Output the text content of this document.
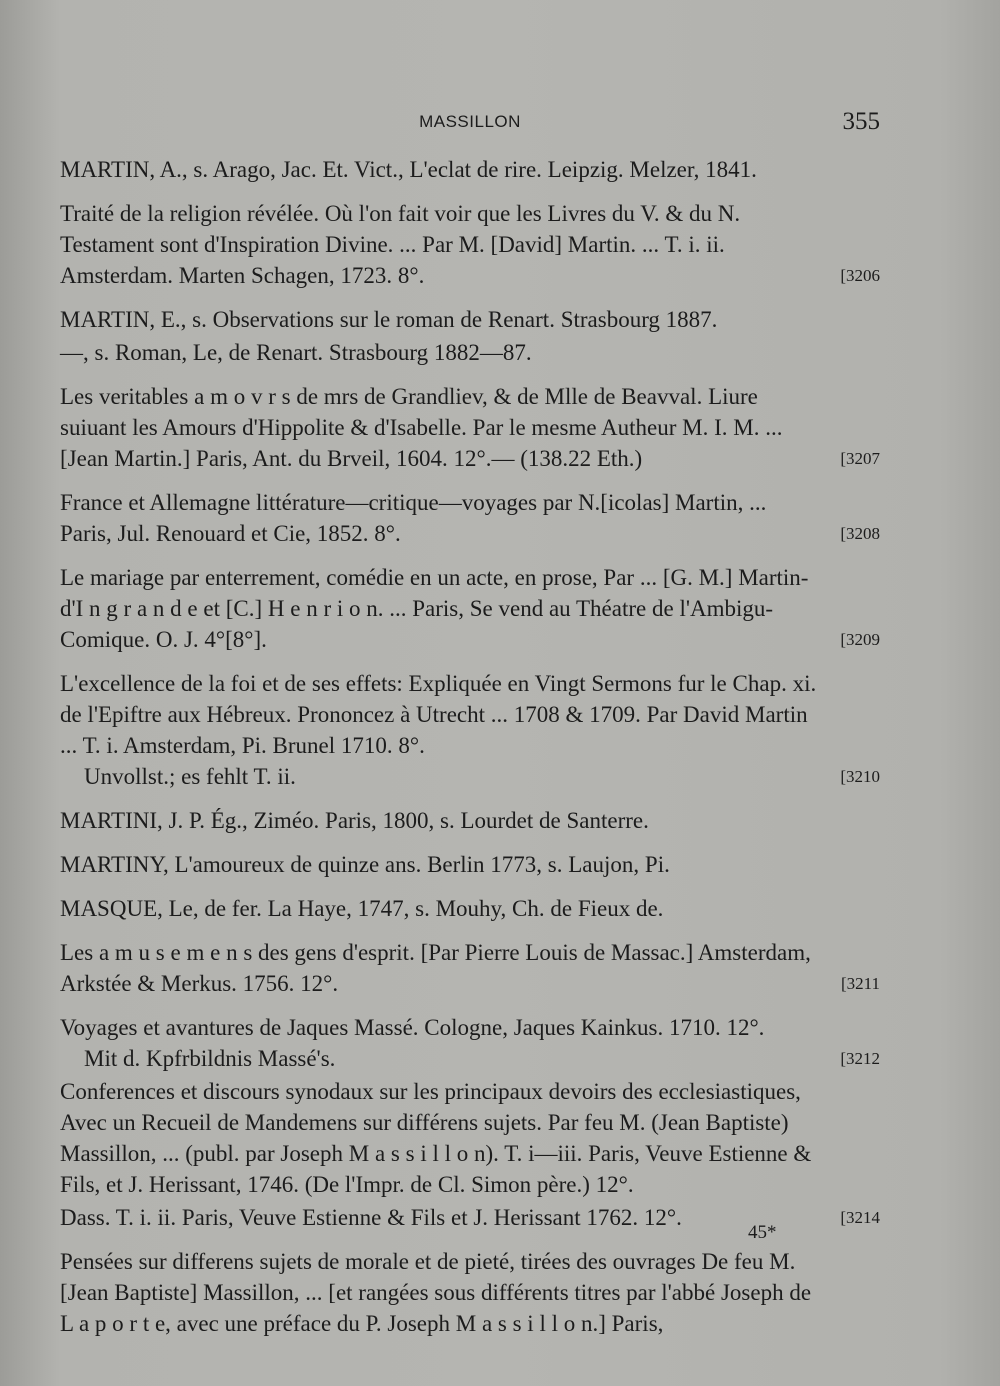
MASSILLON	355
MARTIN, A., s. Arago, Jac. Et. Vict., L'eclat de rire. Leipzig. Melzer, 1841.
Traité de la religion révélée. Où l'on fait voir que les Livres du V. & du N. Testament sont d'Inspiration Divine. ... Par M. [David] Martin. ... T. i. ii. Amsterdam. Marten Schagen, 1723. 8°.	[3206
MARTIN, E., s. Observations sur le roman de Renart. Strasbourg 1887.
—, s. Roman, Le, de Renart. Strasbourg 1882—87.
Les veritables a m o v r s de mrs de Grandliev, & de Mlle de Beavval. Liure suiuant les Amours d'Hippolite & d'Isabelle. Par le mesme Autheur M. I. M. ... [Jean Martin.] Paris, Ant. du Brveil, 1604. 12°.— (138.22 Eth.)	[3207
France et Allemagne littérature—critique—voyages par N.[icolas] Martin, ... Paris, Jul. Renouard et Cie, 1852. 8°.	[3208
Le mariage par enterrement, comédie en un acte, en prose, Par ... [G. M.] Martin-d'I n g r a n d e et [C.] H e n r i o n. ... Paris, Se vend au Théatre de l'Ambigu-Comique. O. J. 4°[8°].	[3209
L'excellence de la foi et de ses effets: Expliquée en Vingt Sermons fur le Chap. xi. de l'Epiftre aux Hébreux. Prononcez à Utrecht ... 1708 & 1709. Par David Martin ... T. i. Amsterdam, Pi. Brunel 1710. 8°.
Unvollst.; es fehlt T. ii.	[3210
MARTINI, J. P. Ég., Ziméo. Paris, 1800, s. Lourdet de Santerre.
MARTINY, L'amoureux de quinze ans. Berlin 1773, s. Laujon, Pi.
MASQUE, Le, de fer. La Haye, 1747, s. Mouhy, Ch. de Fieux de.
Les a m u s e m e n s des gens d'esprit. [Par Pierre Louis de Massac.] Amsterdam, Arkstée & Merkus. 1756. 12°.	[3211
Voyages et avantures de Jaques Massé. Cologne, Jaques Kainkus. 1710. 12°.
Mit d. Kpfrbildnis Massé's.	[3212
Conferences et discours synodaux sur les principaux devoirs des ecclesiastiques, Avec un Recueil de Mandemens sur différens sujets. Par feu M. (Jean Baptiste) Massillon, ... (publ. par Joseph M a s s i l l o n). T. i—iii. Paris, Veuve Estienne & Fils, et J. Herissant, 1746. (De l'Impr. de Cl. Simon père.) 12°.
Dass. T. i. ii. Paris, Veuve Estienne & Fils et J. Herissant 1762. 12°.	[3214
Pensées sur differens sujets de morale et de pieté, tirées des ouvrages De feu M. [Jean Baptiste] Massillon, ... [et rangées sous différents titres par l'abbé Joseph de L a p o r t e, avec une préface du P. Joseph M a s s i l l o n.] Paris,
45*
